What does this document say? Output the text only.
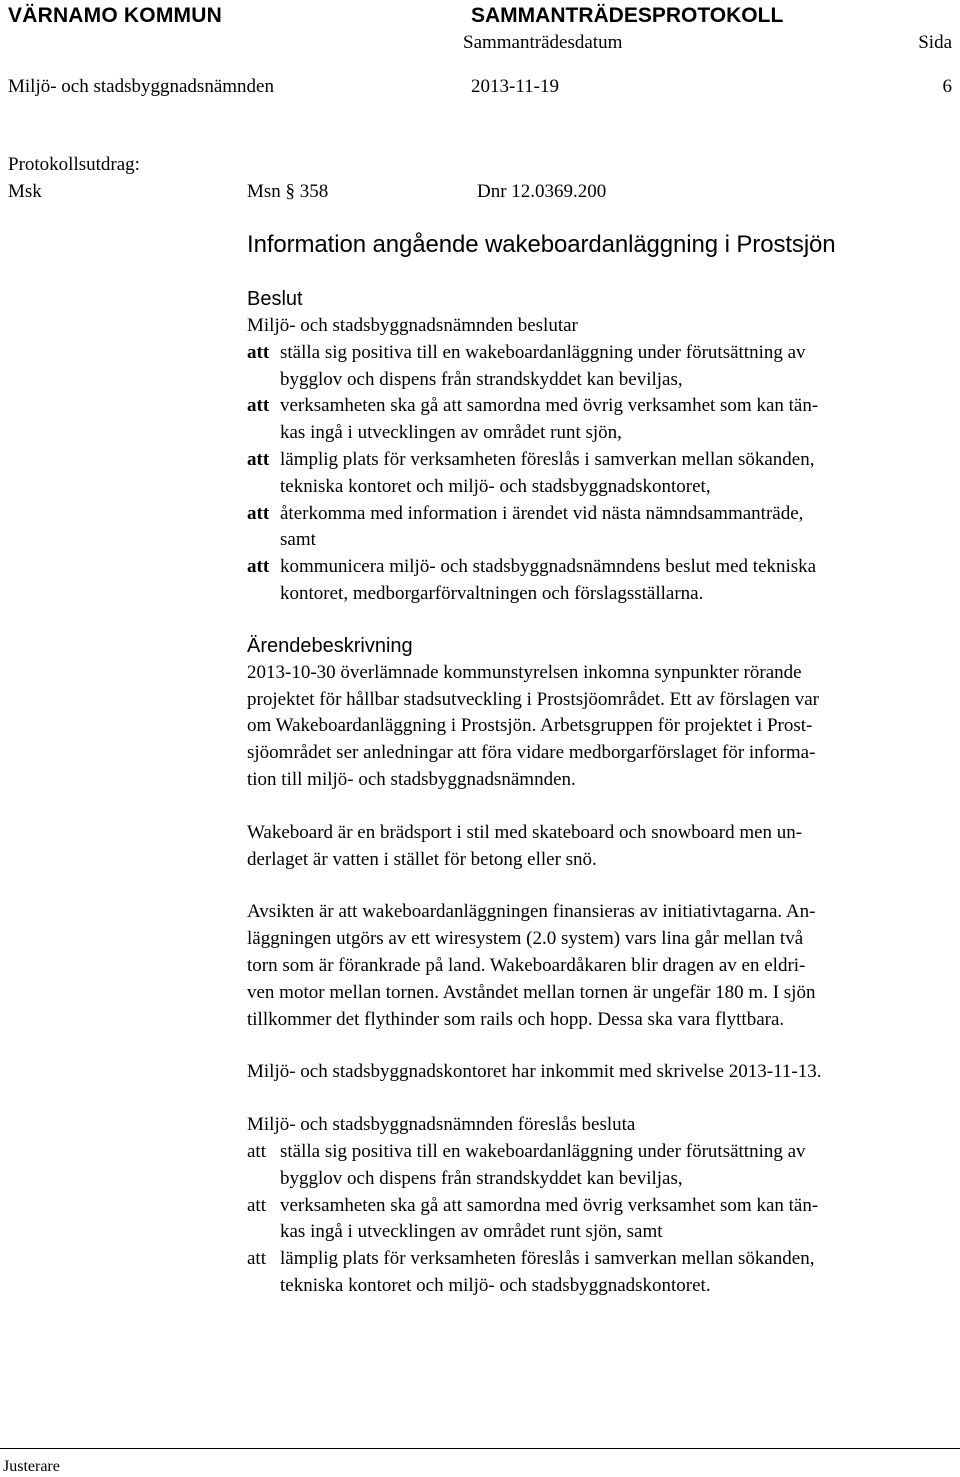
VÄRNAMO KOMMUN	SAMMANTRÄDESPROTOKOLL
Sammanträdesdatum	Sida
Miljö- och stadsbyggnadsnämnden	2013-11-19	6
Protokollsutdrag:
Msk	Msn § 358	Dnr 12.0369.200
Information angående wakeboardanläggning i Prostsjön
Beslut

Miljö- och stadsbyggnadsnämnden beslutar

att ställa sig positiva till en wakeboardanläggning under förutsättning av
bygglov och dispens från strandskyddet kan beviljas,
att verksamheten ska gå att samordna med övrig verksamhet som kan tän-
kas ingå i utvecklingen av området runt sjön,
att lämplig plats för verksamheten föreslås i samverkan mellan sökanden,
tekniska kontoret och miljö- och stadsbyggnadskontoret,
att återkomma med information i ärendet vid nästa nämndsammanträde,
samt
att kommunicera miljö- och stadsbyggnadsnämndens beslut med tekniska
kontoret, medborgarförvaltningen och förslagsställarna.
Ärendebeskrivning
2013-10-30 överlämnade kommunstyrelsen inkomna synpunkter rörande
projektet för hållbar stadsutveckling i Prostsjöområdet. Ett av förslagen var
om Wakeboardanläggning i Prostsjön. Arbetsgruppen för projektet i Prost-
sjöområdet ser anledningar att föra vidare medborgarförslaget för informa-
tion till miljö- och stadsbyggnadsnämnden.
Wakeboard är en brädsport i stil med skateboard och snowboard men un-
derlaget är vatten i stället för betong eller snö.
Avsikten är att wakeboardanläggningen finansieras av initiativtagarna. An-
läggningen utgörs av ett wiresystem (2.0 system) vars lina går mellan två
torn som är förankrade på land. Wakeboardåkaren blir dragen av en eldri-
ven motor mellan tornen. Avståndet mellan tornen är ungefär 180 m. I sjön
tillkommer det flythinder som rails och hopp. Dessa ska vara flyttbara.
Miljö- och stadsbyggnadskontoret har inkommit med skrivelse 2013-11-13.

Miljö- och stadsbyggnadsnämnden föreslås besluta

att ställa sig positiva till en wakeboardanläggning under förutsättning av
bygglov och dispens från strandskyddet kan beviljas,
att verksamheten ska gå att samordna med övrig verksamhet som kan tän-
kas ingå i utvecklingen av området runt sjön, samt
att lämplig plats för verksamheten föreslås i samverkan mellan sökanden,
tekniska kontoret och miljö- och stadsbyggnadskontoret.
Justerare
